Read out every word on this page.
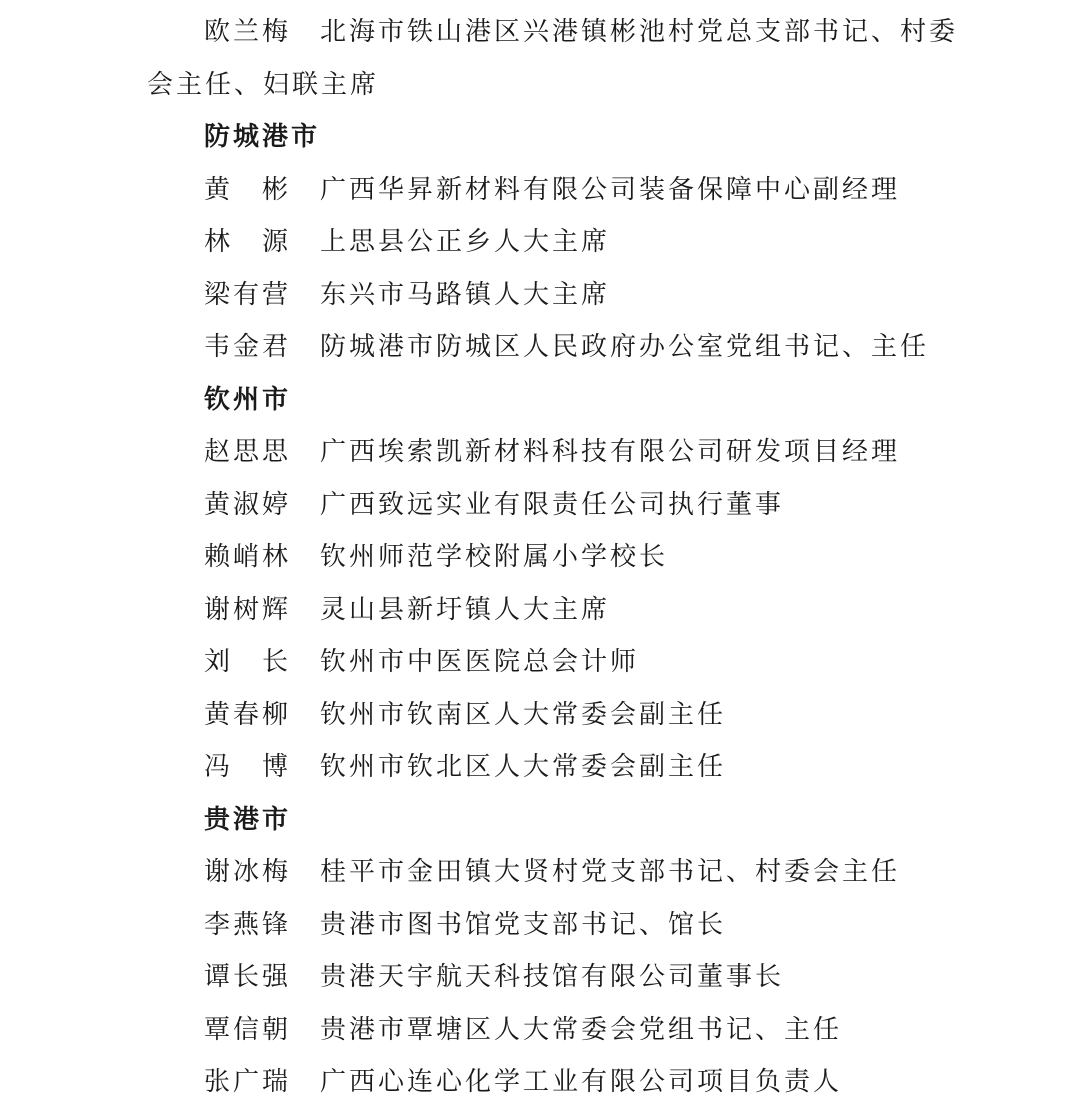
欧兰梅	北海市铁山港区兴港镇彬池村党总支部书记、村委
会主任、妇联主席
防城港市
黄　彬	广西华昇新材料有限公司装备保障中心副经理
林　源	上思县公正乡人大主席
梁有营	东兴市马路镇人大主席
韦金君	防城港市防城区人民政府办公室党组书记、主任
钦州市
赵思思	广西埃索凯新材料科技有限公司研发项目经理
黄淑婷	广西致远实业有限责任公司执行董事
赖峭林	钦州师范学校附属小学校长
谢树辉	灵山县新圩镇人大主席
刘　长	钦州市中医医院总会计师
黄春柳	钦州市钦南区人大常委会副主任
冯　博	钦州市钦北区人大常委会副主任
贵港市
谢冰梅	桂平市金田镇大贤村党支部书记、村委会主任
李燕锋	贵港市图书馆党支部书记、馆长
谭长强	贵港天宇航天科技馆有限公司董事长
覃信朝	贵港市覃塘区人大常委会党组书记、主任
张广瑞	广西心连心化学工业有限公司项目负责人
